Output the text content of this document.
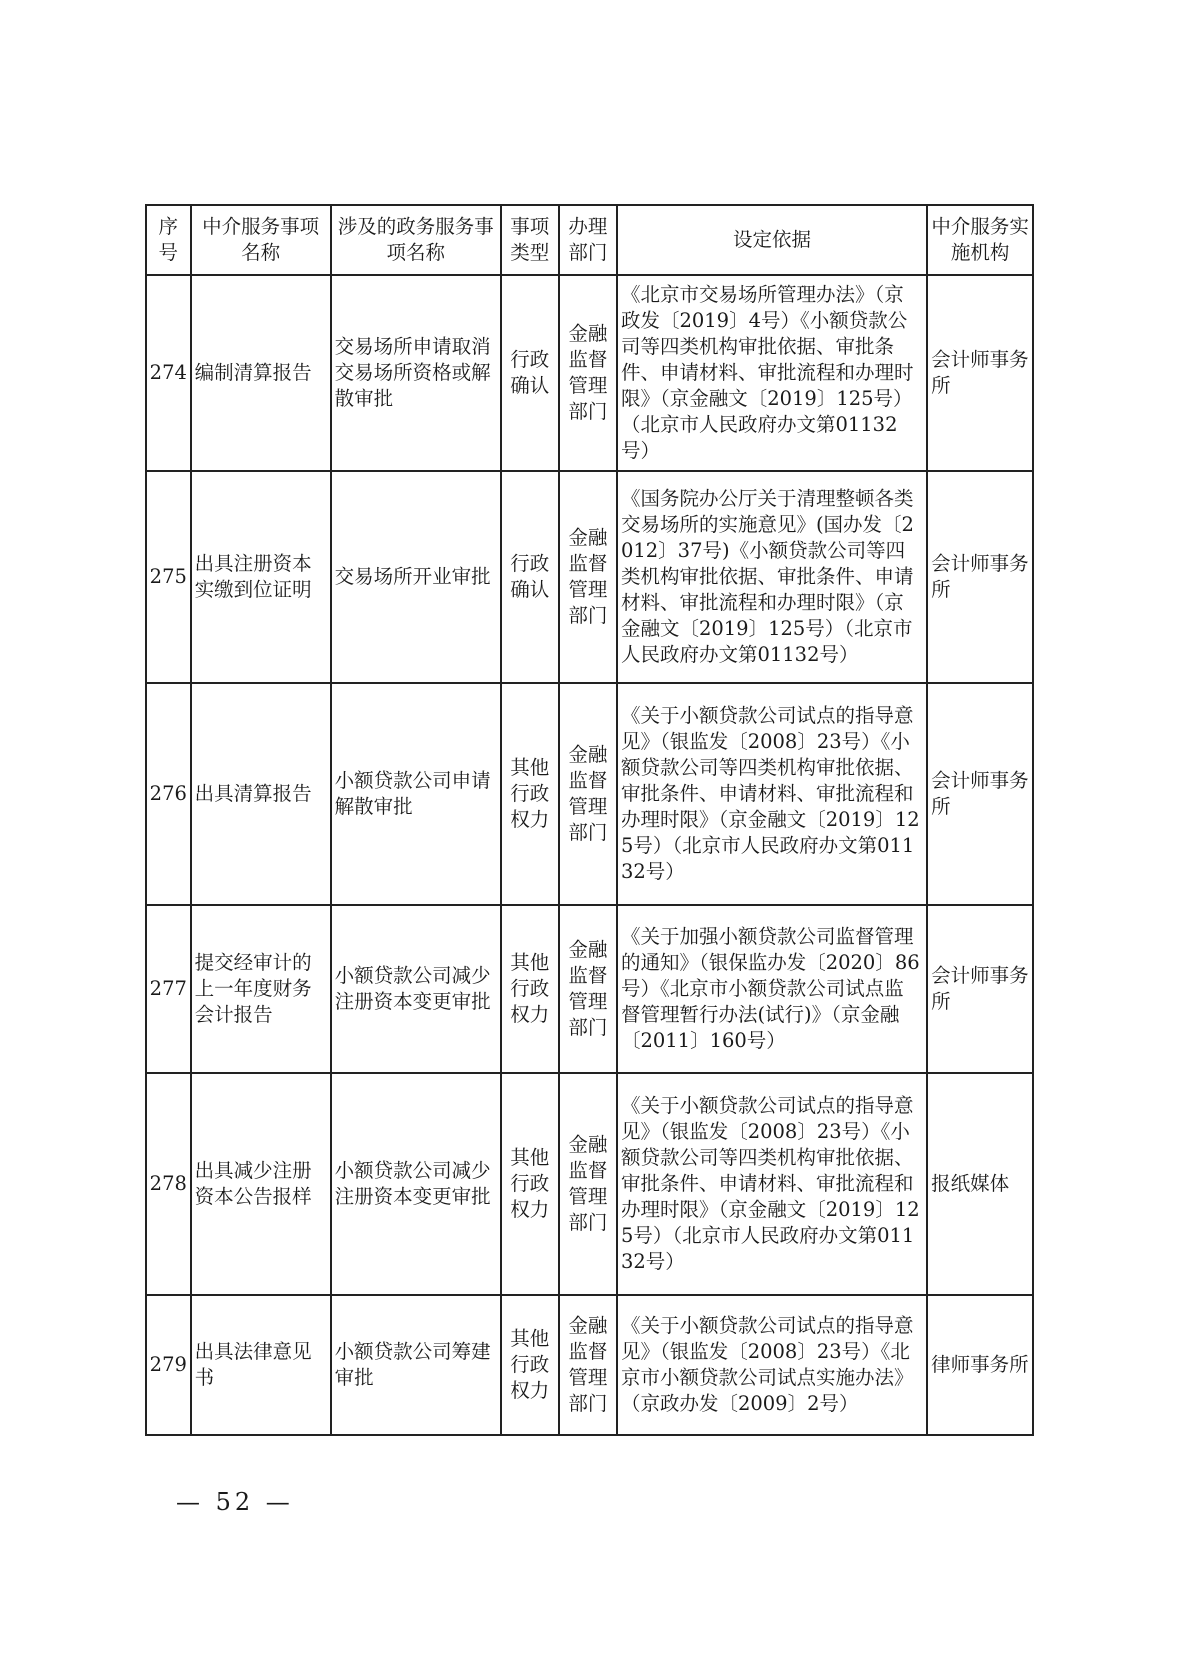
序号	中介服务事项名称	涉及的政务服务事项名称	事项类型	办理部门	设定依据	中介服务实施机构
274	编制清算报告	交易场所申请取消交易场所资格或解散审批	行政确认	金融监督管理部门	《北京市交易场所管理办法》（京政发〔2019〕4号）《小额贷款公司等四类机构审批依据、审批条件、申请材料、审批流程和办理时限》（京金融文〔2019〕125号）（北京市人民政府办文第01132号）	会计师事务所
275	出具注册资本实缴到位证明	交易场所开业审批	行政确认	金融监督管理部门	《国务院办公厅关于清理整顿各类交易场所的实施意见》(国办发〔2012〕37号)《小额贷款公司等四类机构审批依据、审批条件、申请材料、审批流程和办理时限》（京金融文〔2019〕125号）（北京市人民政府办文第01132号）	会计师事务所
276	出具清算报告	小额贷款公司申请解散审批	其他行政权力	金融监督管理部门	《关于小额贷款公司试点的指导意见》（银监发〔2008〕23号）《小额贷款公司等四类机构审批依据、审批条件、申请材料、审批流程和办理时限》（京金融文〔2019〕125号）（北京市人民政府办文第01132号）	会计师事务所
277	提交经审计的上一年度财务会计报告	小额贷款公司减少注册资本变更审批	其他行政权力	金融监督管理部门	《关于加强小额贷款公司监督管理的通知》（银保监办发〔2020〕86号）《北京市小额贷款公司试点监督管理暂行办法(试行)》（京金融〔2011〕160号）	会计师事务所
278	出具减少注册资本公告报样	小额贷款公司减少注册资本变更审批	其他行政权力	金融监督管理部门	《关于小额贷款公司试点的指导意见》（银监发〔2008〕23号）《小额贷款公司等四类机构审批依据、审批条件、申请材料、审批流程和办理时限》（京金融文〔2019〕125号）（北京市人民政府办文第01132号）	报纸媒体
279	出具法律意见书	小额贷款公司筹建审批	其他行政权力	金融监督管理部门	《关于小额贷款公司试点的指导意见》（银监发〔2008〕23号）《北京市小额贷款公司试点实施办法》（京政办发〔2009〕2号）	律师事务所
— 52 —
